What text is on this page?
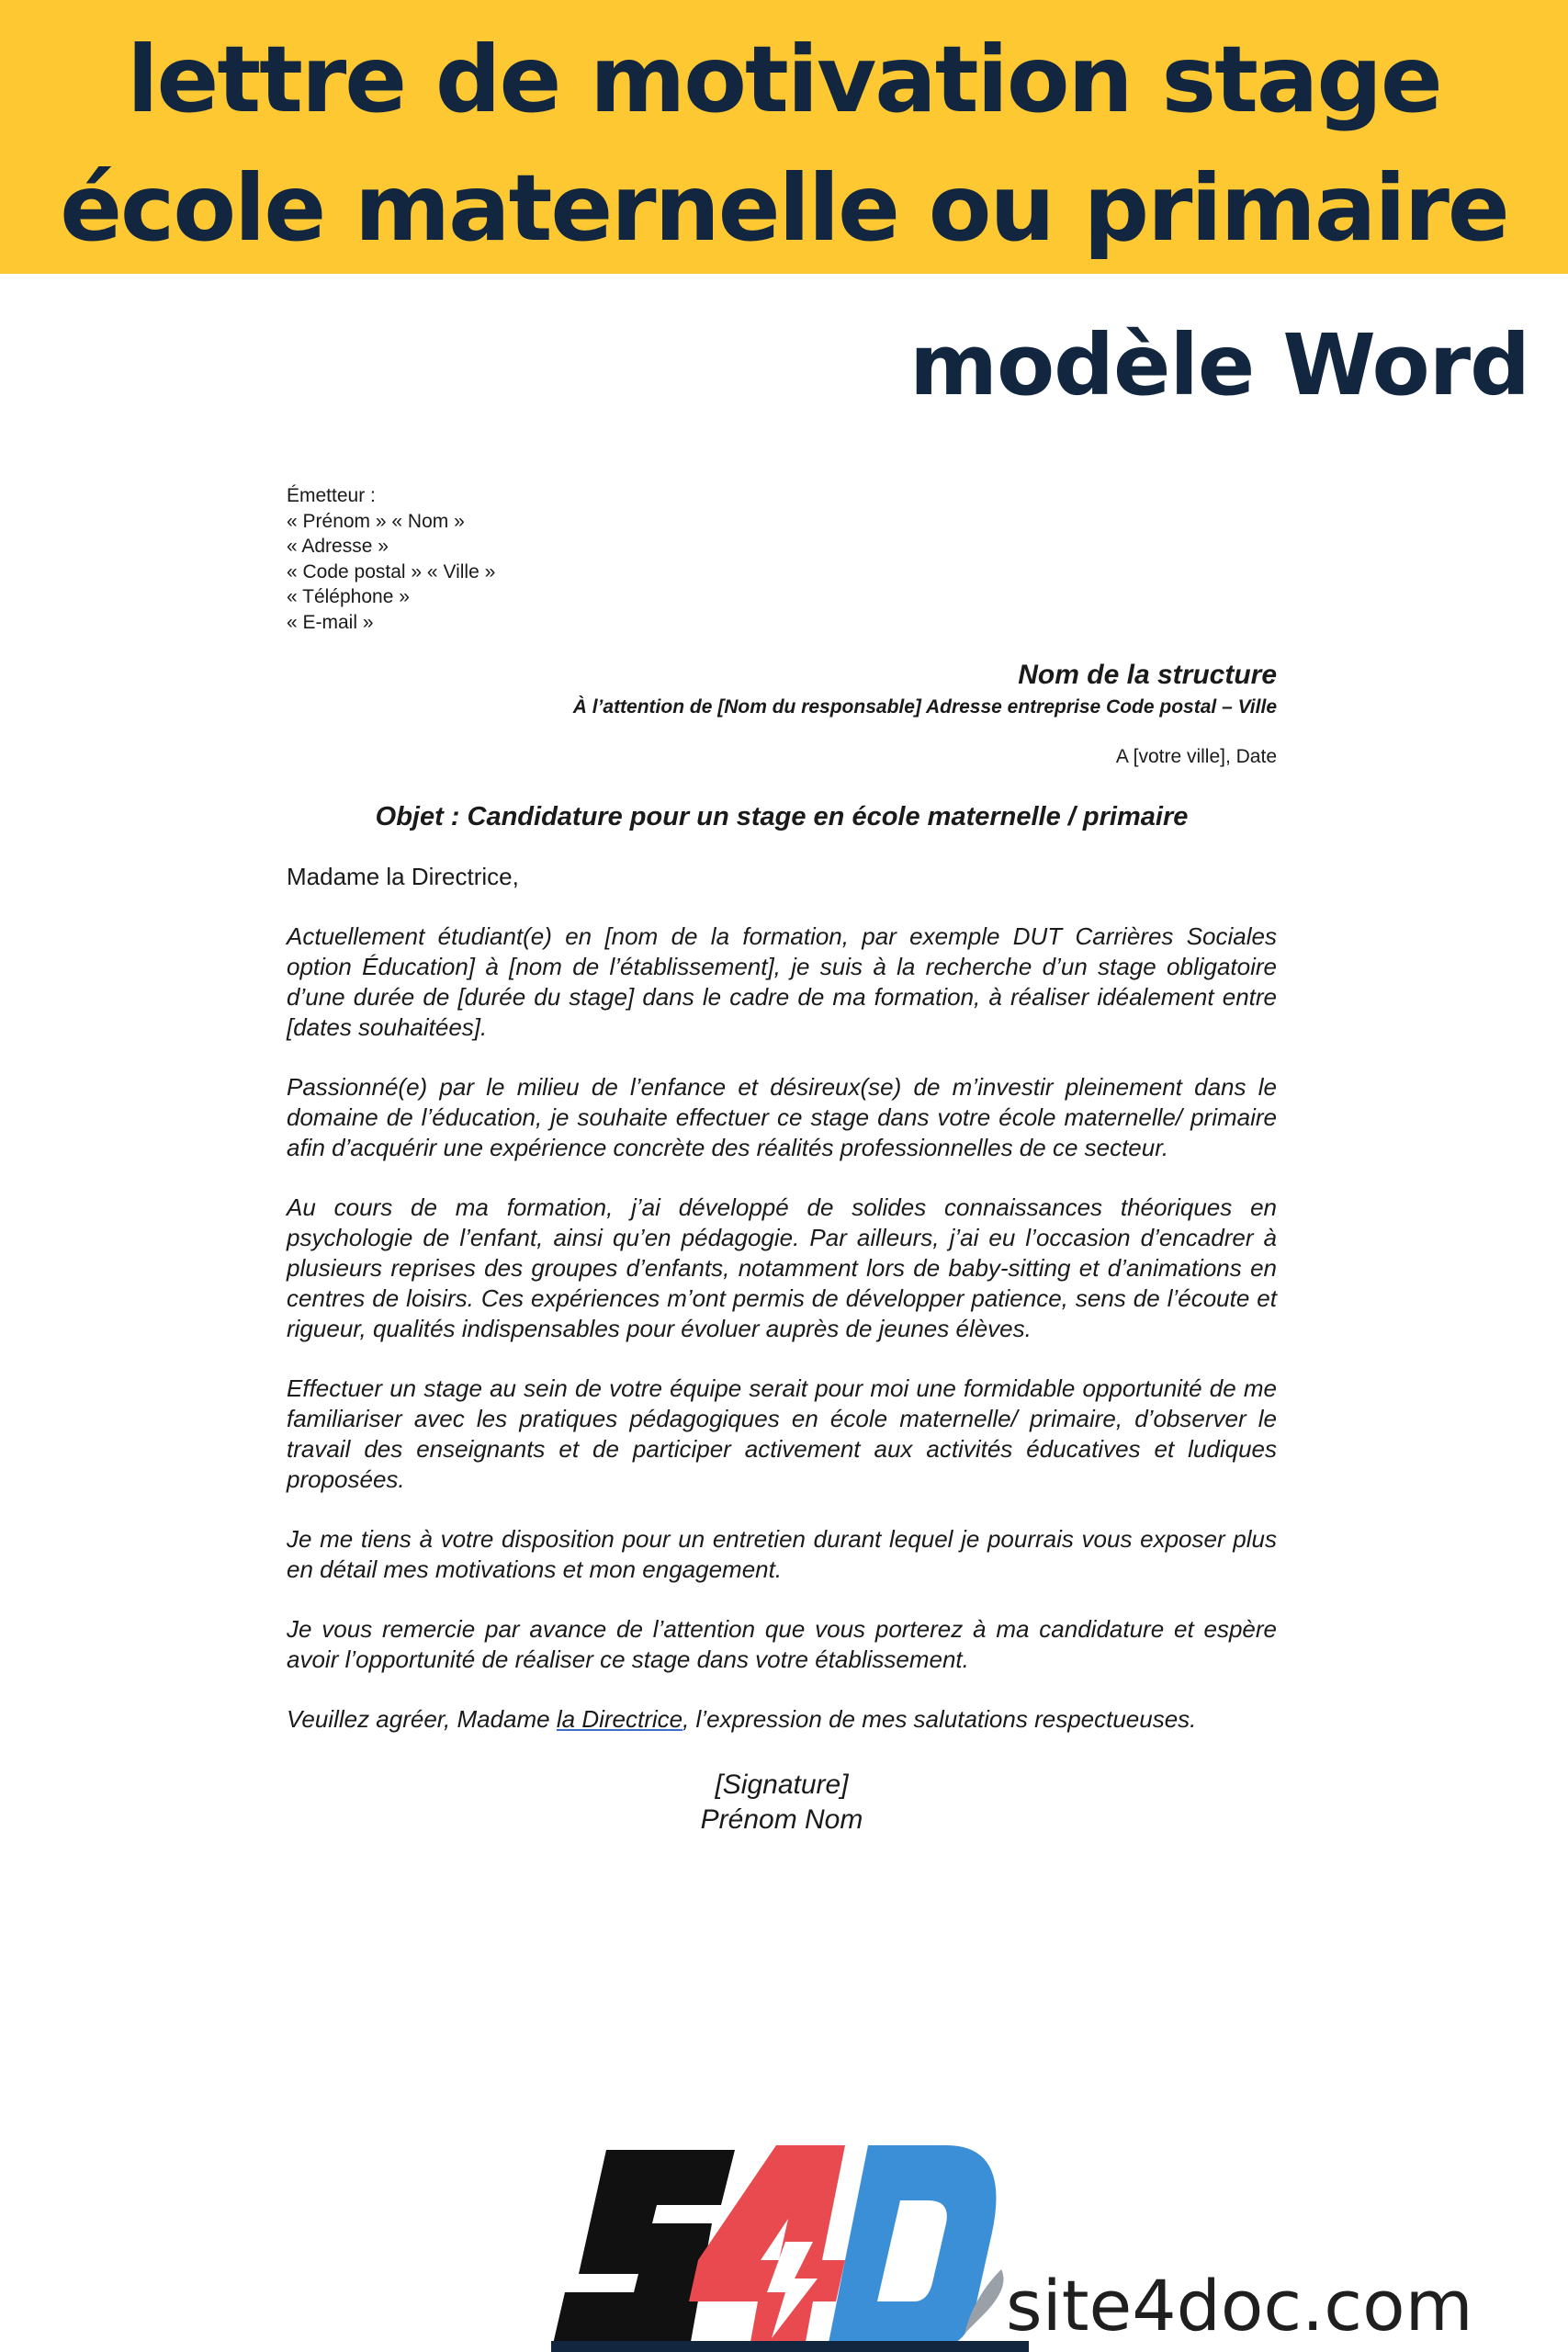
lettre de motivation stage
école maternelle ou primaire
modèle Word
Émetteur :
« Prénom » « Nom »
« Adresse »
« Code postal » « Ville »
« Téléphone »
« E-mail »
Nom de la structure
À l’attention de [Nom du responsable] Adresse entreprise Code postal – Ville
A [votre ville], Date
Objet : Candidature pour un stage en école maternelle / primaire
Madame la Directrice,
Actuellement étudiant(e) en [nom de la formation, par exemple DUT Carrières Sociales option Éducation] à [nom de l’établissement], je suis à la recherche d’un stage obligatoire d’une durée de [durée du stage] dans le cadre de ma formation, à réaliser idéalement entre [dates souhaitées].
Passionné(e) par le milieu de l’enfance et désireux(se) de m’investir pleinement dans le domaine de l’éducation, je souhaite effectuer ce stage dans votre école maternelle/ primaire afin d’acquérir une expérience concrète des réalités professionnelles de ce secteur.
Au cours de ma formation, j’ai développé de solides connaissances théoriques en psychologie de l’enfant, ainsi qu’en pédagogie. Par ailleurs, j’ai eu l’occasion d’encadrer à plusieurs reprises des groupes d’enfants, notamment lors de baby-sitting et d’animations en centres de loisirs. Ces expériences m’ont permis de développer patience, sens de l’écoute et rigueur, qualités indispensables pour évoluer auprès de jeunes élèves.
Effectuer un stage au sein de votre équipe serait pour moi une formidable opportunité de me familiariser avec les pratiques pédagogiques en école maternelle/ primaire, d’observer le travail des enseignants et de participer activement aux activités éducatives et ludiques proposées.
Je me tiens à votre disposition pour un entretien durant lequel je pourrais vous exposer plus en détail mes motivations et mon engagement.
Je vous remercie par avance de l’attention que vous porterez à ma candidature et espère avoir l’opportunité de réaliser ce stage dans votre établissement.
Veuillez agréer, Madame la Directrice, l’expression de mes salutations respectueuses.
[Signature]
Prénom Nom
site4doc.com
